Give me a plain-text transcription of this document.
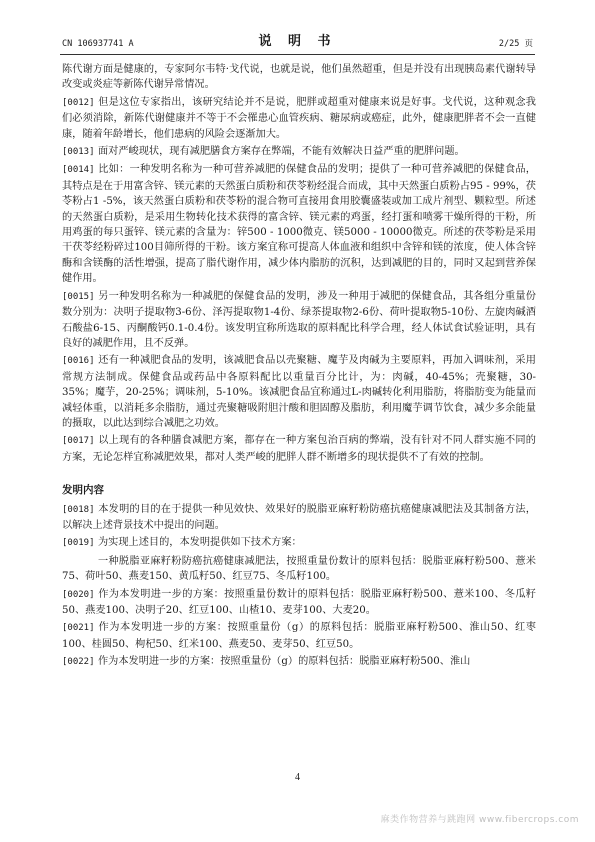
CN 106937741 A	说 明 书	2/25 页
陈代谢方面是健康的，专家阿尔韦特·戈代说，也就是说，他们虽然超重，但是并没有出现胰岛素代谢转导改变或炎症等新陈代谢异常情况。
[0012] 但是这位专家指出，该研究结论并不是说，肥胖或超重对健康来说是好事。戈代说，这种观念我们必须消除，新陈代谢健康并不等于不会罹患心血管疾病、糖尿病或癌症，此外，健康肥胖者不会一直健康，随着年龄增长，他们患病的风险会逐渐加大。
[0013] 面对严峻现状，现有减肥膳食方案存在弊端，不能有效解决日益严重的肥胖问题。
[0014] 比如：一种发明名称为一种可营养减肥的保健食品的发明；提供了一种可营养减肥的保健食品，其特点是在于用富含锌、镁元素的天然蛋白质粉和茯苓粉经混合而成，其中天然蛋白质粉占95 - 99%，茯苓粉占1 -5%，该天然蛋白质粉和茯苓粉的混合物可直接用食用胶囊盛装或加工成片剂型、颗粒型。所述的天然蛋白质粉，是采用生物转化技术获得的富含锌、镁元素的鸡蛋，经打蛋和喷雾干燥所得的干粉，所用鸡蛋的每只蛋锌、镁元素的含量为：锌500 - 1000微克、镁5000 - 10000微克。所述的茯苓粉是采用干茯苓经粉碎过100目筛所得的干粉。该方案宜称可提高人体血液和组织中含锌和镁的浓度，使人体含锌酶和含镁酶的活性增强，提高了脂代谢作用，减少体内脂肪的沉积，达到减肥的目的，同时又起到营养保健作用。
[0015] 另一种发明名称为一种减肥的保健食品的发明，涉及一种用于减肥的保健食品，其各组分重量份数分别为：决明子提取物3-6份、泽泻提取物1-4份、绿茶提取物2-6份、荷叶提取物5-10份、左旋肉碱酒石酸盐6-15、丙酮酸钙0.1-0.4份。该发明宜称所选取的原料配比科学合理，经人体试食试验证明，具有良好的减肥作用，且不反弹。
[0016] 还有一种减肥食品的发明，该减肥食品以壳聚糖、魔芋及肉碱为主要原料，再加入调味剂，采用常规方法制成。保健食品或药品中各原料配比以重量百分比计，为：肉碱，40-45%；壳聚糖，30-35%；魔芋，20-25%；调味剂，5-10%。该减肥食品宜称通过L-肉碱转化利用脂肪，将脂肪变为能量而减轻体重，以消耗多余脂肪，通过壳聚糖吸附胆汁酸和胆固醇及脂肪，利用魔芋调节饮食，减少多余能量的摄取，以此达到综合减肥之功效。
[0017] 以上现有的各种膳食减肥方案，都存在一种方案包治百病的弊端，没有针对不同人群实施不同的方案，无论怎样宜称减肥效果，都对人类严峻的肥胖人群不断增多的现状提供不了有效的控制。
发明内容
[0018] 本发明的目的在于提供一种见效快、效果好的脱脂亚麻籽粉防癌抗癌健康减肥法及其制备方法，以解决上述背景技术中提出的问题。
[0019] 为实现上述目的，本发明提供如下技术方案：
一种脱脂亚麻籽粉防癌抗癌健康减肥法，按照重量份数计的原料包括：脱脂亚麻籽粉500、薏米75、荷叶50、燕麦150、黄瓜籽50、红豆75、冬瓜籽100。
[0020] 作为本发明进一步的方案：按照重量份数计的原料包括：脱脂亚麻籽粉500、薏米100、冬瓜籽50、燕麦100、决明子20、红豆100、山楂10、麦芽100、大麦20。
[0021] 作为本发明进一步的方案：按照重量份（g）的原料包括：脱脂亚麻籽粉500、淮山50、红枣100、桂圆50、枸杞50、红米100、燕麦50、麦芽50、红豆50。
[0022] 作为本发明进一步的方案：按照重量份（g）的原料包括：脱脂亚麻籽粉500、淮山
4
麻类作物营养与跳跑网 www.fibercrops.com
